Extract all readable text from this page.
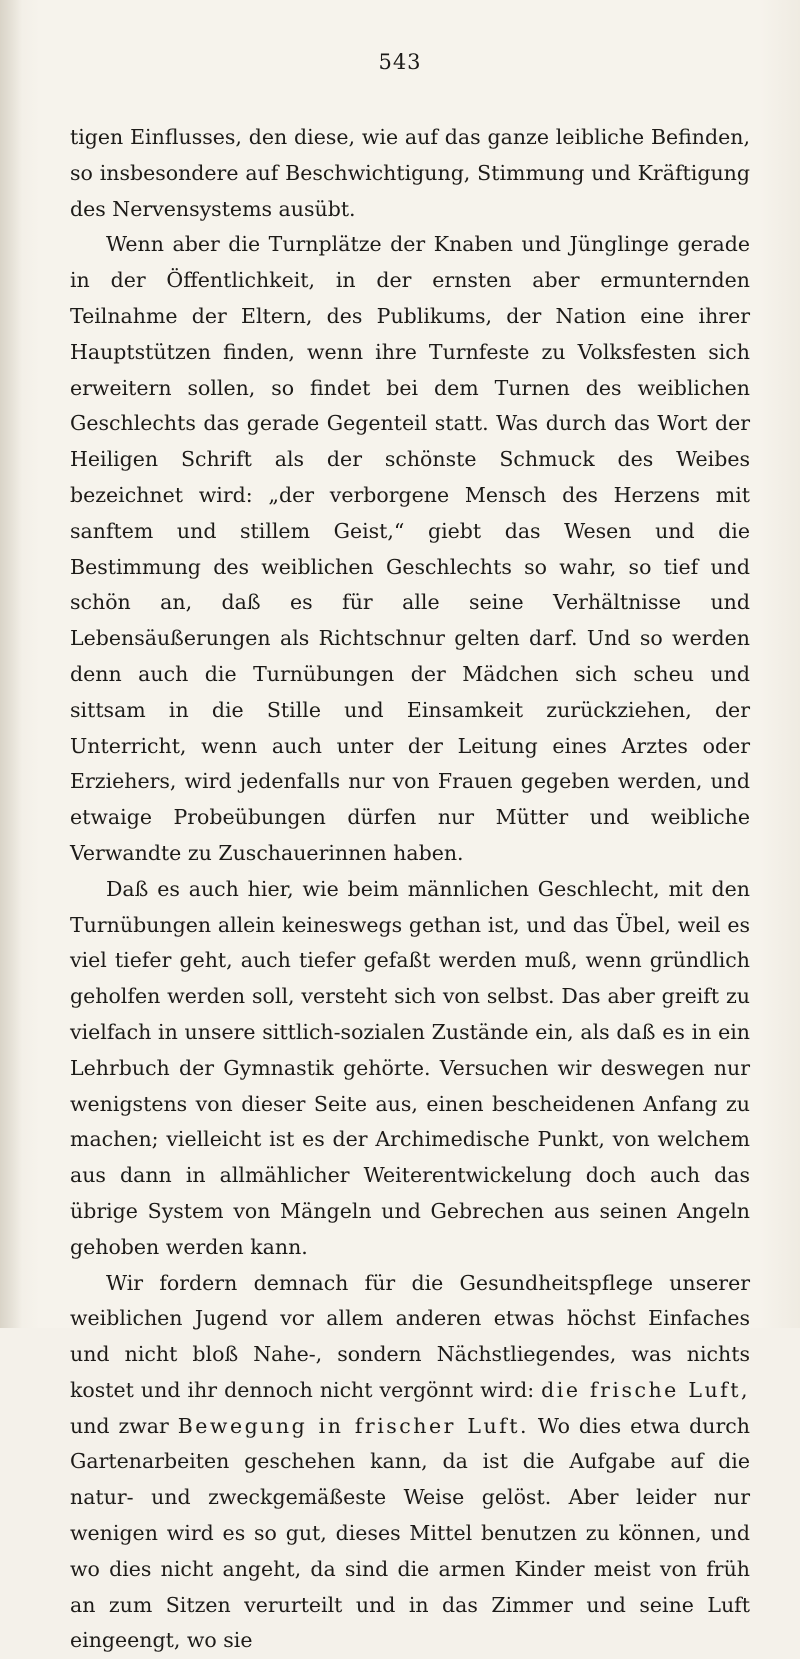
543

tigen Einflusses, den diese, wie auf das ganze leibliche Befinden, so insbesondere auf Beschwichtigung, Stimmung und Kräftigung des Nervensystems ausübt.

Wenn aber die Turnplätze der Knaben und Jünglinge gerade in der Öffentlichkeit, in der ernsten aber ermunternden Teilnahme der Eltern, des Publikums, der Nation eine ihrer Hauptstützen finden, wenn ihre Turnfeste zu Volksfesten sich erweitern sollen, so findet bei dem Turnen des weiblichen Geschlechts das gerade Gegenteil statt. Was durch das Wort der Heiligen Schrift als der schönste Schmuck des Weibes bezeichnet wird: „der verborgene Mensch des Herzens mit sanftem und stillem Geist,“ giebt das Wesen und die Bestimmung des weiblichen Geschlechts so wahr, so tief und schön an, daß es für alle seine Verhältnisse und Lebensäußerungen als Richtschnur gelten darf. Und so werden denn auch die Turnübungen der Mädchen sich scheu und sittsam in die Stille und Einsamkeit zurückziehen, der Unterricht, wenn auch unter der Leitung eines Arztes oder Erziehers, wird jedenfalls nur von Frauen gegeben werden, und etwaige Probeübungen dürfen nur Mütter und weibliche Verwandte zu Zuschauerinnen haben.

Daß es auch hier, wie beim männlichen Geschlecht, mit den Turnübungen allein keineswegs gethan ist, und das Übel, weil es viel tiefer geht, auch tiefer gefaßt werden muß, wenn gründlich geholfen werden soll, versteht sich von selbst. Das aber greift zu vielfach in unsere sittlich-sozialen Zustände ein, als daß es in ein Lehrbuch der Gymnastik gehörte. Versuchen wir deswegen nur wenigstens von dieser Seite aus, einen bescheidenen Anfang zu machen; vielleicht ist es der Archimedische Punkt, von welchem aus dann in allmählicher Weiterentwickelung doch auch das übrige System von Mängeln und Gebrechen aus seinen Angeln gehoben werden kann.

Wir fordern demnach für die Gesundheitspflege unserer weiblichen Jugend vor allem anderen etwas höchst Einfaches und nicht bloß Nahe-, sondern Nächstliegendes, was nichts kostet und ihr dennoch nicht vergönnt wird: die frische Luft, und zwar Bewegung in frischer Luft. Wo dies etwa durch Gartenarbeiten geschehen kann, da ist die Aufgabe auf die natur- und zweckgemäßeste Weise gelöst. Aber leider nur wenigen wird es so gut, dieses Mittel benutzen zu können, und wo dies nicht angeht, da sind die armen Kinder meist von früh an zum Sitzen verurteilt und in das Zimmer und seine Luft eingeengt, wo sie
